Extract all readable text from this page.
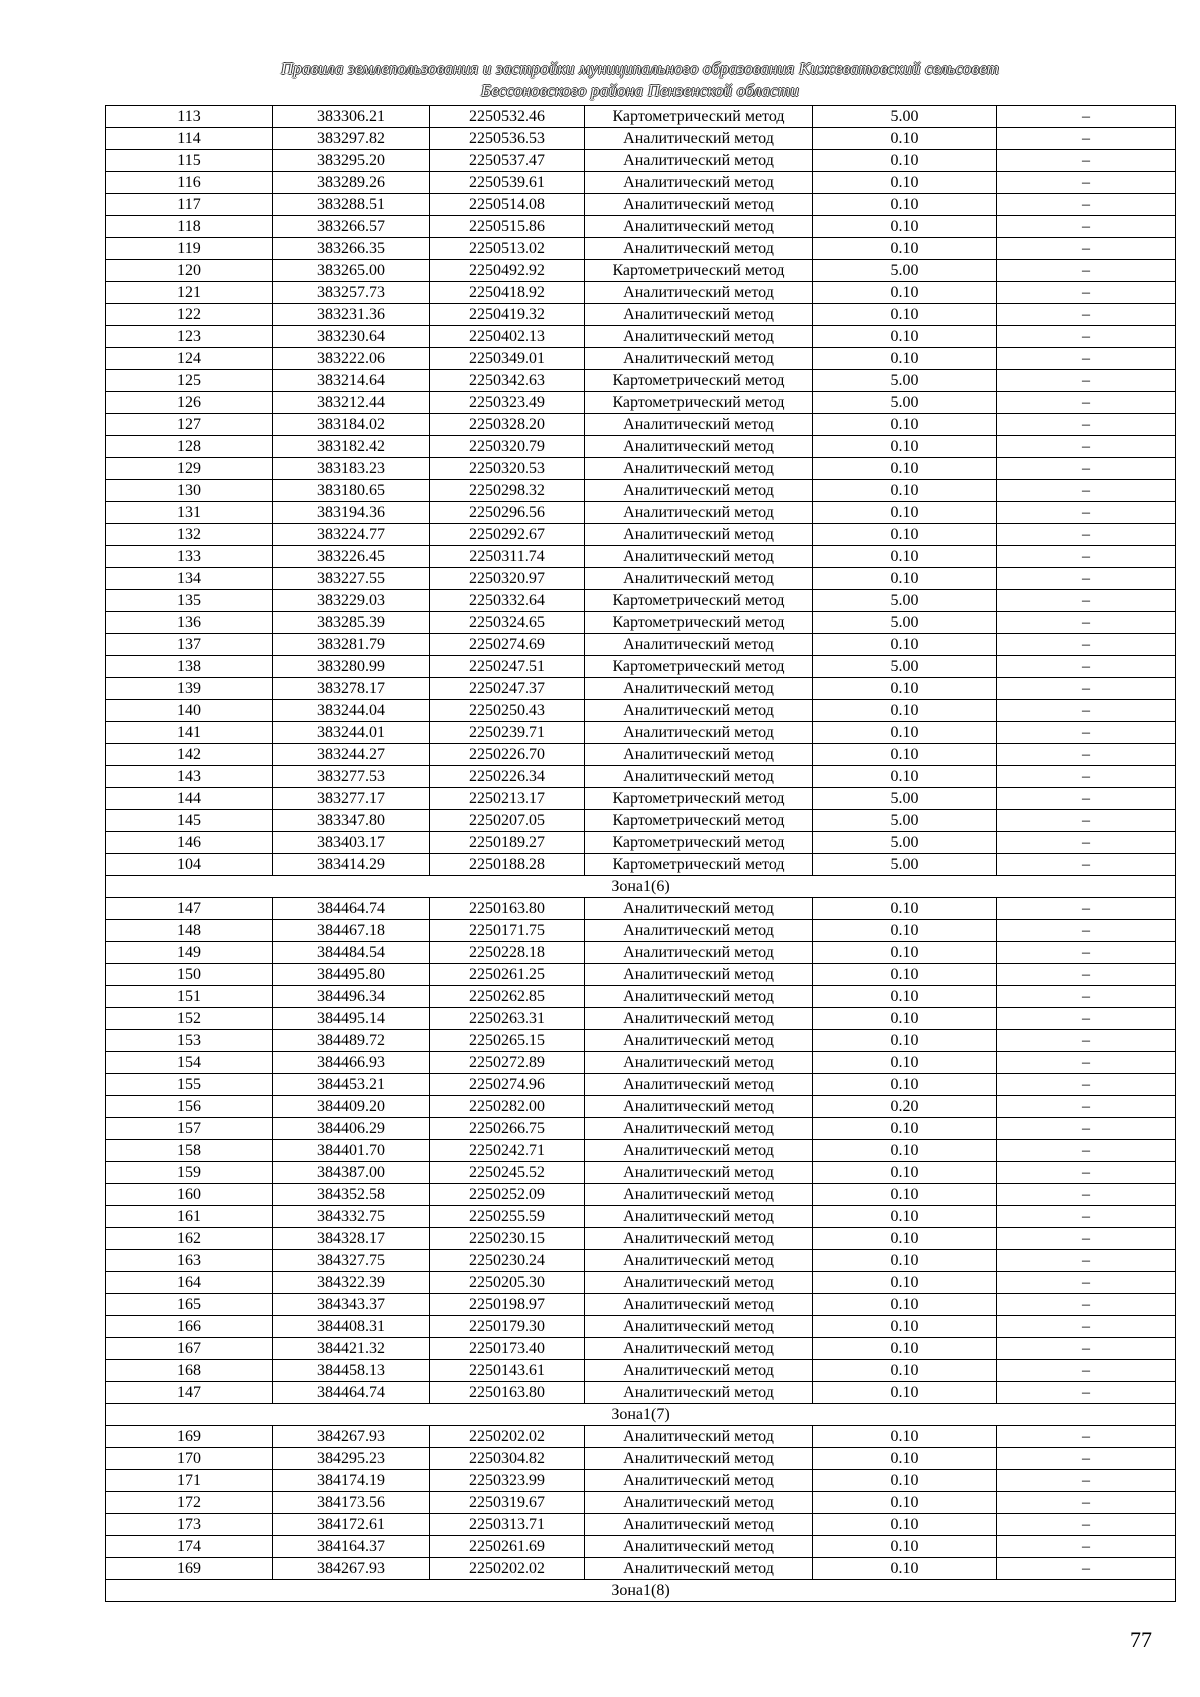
Правила землепользования и застройки муниципального образования Кижеватовский сельсовет
Бессоновского района Пензенской области
113	383306.21	2250532.46	Картометрический метод	5.00	–
114	383297.82	2250536.53	Аналитический метод	0.10	–
115	383295.20	2250537.47	Аналитический метод	0.10	–
116	383289.26	2250539.61	Аналитический метод	0.10	–
117	383288.51	2250514.08	Аналитический метод	0.10	–
118	383266.57	2250515.86	Аналитический метод	0.10	–
119	383266.35	2250513.02	Аналитический метод	0.10	–
120	383265.00	2250492.92	Картометрический метод	5.00	–
121	383257.73	2250418.92	Аналитический метод	0.10	–
122	383231.36	2250419.32	Аналитический метод	0.10	–
123	383230.64	2250402.13	Аналитический метод	0.10	–
124	383222.06	2250349.01	Аналитический метод	0.10	–
125	383214.64	2250342.63	Картометрический метод	5.00	–
126	383212.44	2250323.49	Картометрический метод	5.00	–
127	383184.02	2250328.20	Аналитический метод	0.10	–
128	383182.42	2250320.79	Аналитический метод	0.10	–
129	383183.23	2250320.53	Аналитический метод	0.10	–
130	383180.65	2250298.32	Аналитический метод	0.10	–
131	383194.36	2250296.56	Аналитический метод	0.10	–
132	383224.77	2250292.67	Аналитический метод	0.10	–
133	383226.45	2250311.74	Аналитический метод	0.10	–
134	383227.55	2250320.97	Аналитический метод	0.10	–
135	383229.03	2250332.64	Картометрический метод	5.00	–
136	383285.39	2250324.65	Картометрический метод	5.00	–
137	383281.79	2250274.69	Аналитический метод	0.10	–
138	383280.99	2250247.51	Картометрический метод	5.00	–
139	383278.17	2250247.37	Аналитический метод	0.10	–
140	383244.04	2250250.43	Аналитический метод	0.10	–
141	383244.01	2250239.71	Аналитический метод	0.10	–
142	383244.27	2250226.70	Аналитический метод	0.10	–
143	383277.53	2250226.34	Аналитический метод	0.10	–
144	383277.17	2250213.17	Картометрический метод	5.00	–
145	383347.80	2250207.05	Картометрический метод	5.00	–
146	383403.17	2250189.27	Картометрический метод	5.00	–
104	383414.29	2250188.28	Картометрический метод	5.00	–
Зона1(6)					
147	384464.74	2250163.80	Аналитический метод	0.10	–
148	384467.18	2250171.75	Аналитический метод	0.10	–
149	384484.54	2250228.18	Аналитический метод	0.10	–
150	384495.80	2250261.25	Аналитический метод	0.10	–
151	384496.34	2250262.85	Аналитический метод	0.10	–
152	384495.14	2250263.31	Аналитический метод	0.10	–
153	384489.72	2250265.15	Аналитический метод	0.10	–
154	384466.93	2250272.89	Аналитический метод	0.10	–
155	384453.21	2250274.96	Аналитический метод	0.10	–
156	384409.20	2250282.00	Аналитический метод	0.20	–
157	384406.29	2250266.75	Аналитический метод	0.10	–
158	384401.70	2250242.71	Аналитический метод	0.10	–
159	384387.00	2250245.52	Аналитический метод	0.10	–
160	384352.58	2250252.09	Аналитический метод	0.10	–
161	384332.75	2250255.59	Аналитический метод	0.10	–
162	384328.17	2250230.15	Аналитический метод	0.10	–
163	384327.75	2250230.24	Аналитический метод	0.10	–
164	384322.39	2250205.30	Аналитический метод	0.10	–
165	384343.37	2250198.97	Аналитический метод	0.10	–
166	384408.31	2250179.30	Аналитический метод	0.10	–
167	384421.32	2250173.40	Аналитический метод	0.10	–
168	384458.13	2250143.61	Аналитический метод	0.10	–
147	384464.74	2250163.80	Аналитический метод	0.10	–
Зона1(7)					
169	384267.93	2250202.02	Аналитический метод	0.10	–
170	384295.23	2250304.82	Аналитический метод	0.10	–
171	384174.19	2250323.99	Аналитический метод	0.10	–
172	384173.56	2250319.67	Аналитический метод	0.10	–
173	384172.61	2250313.71	Аналитический метод	0.10	–
174	384164.37	2250261.69	Аналитический метод	0.10	–
169	384267.93	2250202.02	Аналитический метод	0.10	–
Зона1(8)					
77
